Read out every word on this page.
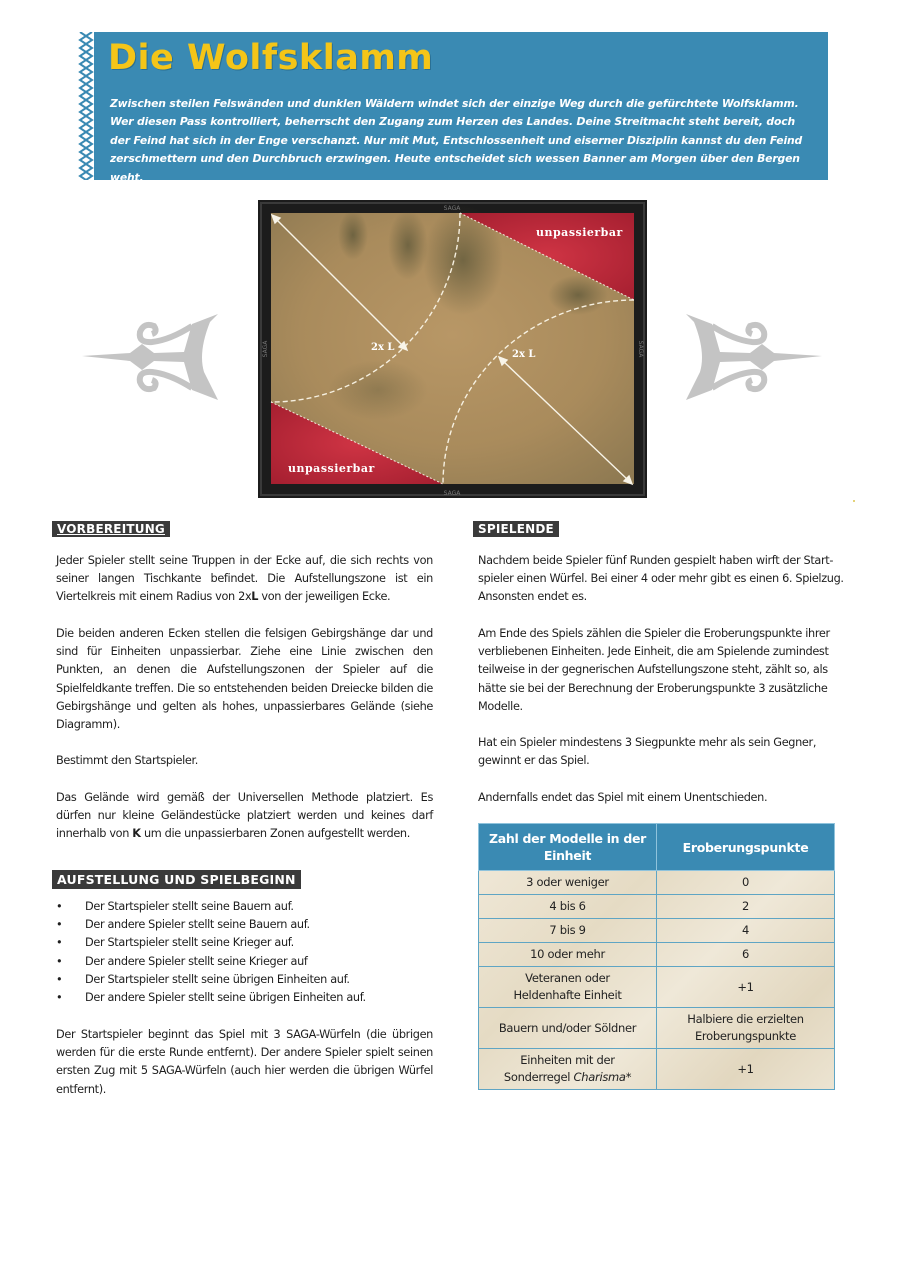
Die Wolfsklamm

Zwischen steilen Felswänden und dunklen Wäldern windet sich der einzige Weg durch die gefürchtete Wolfsklamm. Wer diesen Pass kontrolliert, beherrscht den Zugang zum Herzen des Landes. Deine Streitmacht steht bereit, doch der Feind hat sich in der Enge verschanzt. Nur mit Mut, Entschlossenheit und eiserner Disziplin kannst du den Feind zerschmettern und den Durchbruch erzwingen. Heute entscheidet sich wessen Banner am Morgen über den Bergen weht.

2x L
2x L
unpassierbar
unpassierbar
SAGA
SAGA
SAGA	SAGA
VORBEREITUNG
Jeder Spieler stellt seine Truppen in der Ecke auf, die sich rechts von seiner langen Tischkante befindet. Die Aufstellungszone ist ein Viertelkreis mit einem Radius von 2xL von der jeweiligen Ecke.
Die beiden anderen Ecken stellen die felsigen Gebirgshänge dar und sind für Einheiten unpassierbar. Ziehe eine Linie zwischen den Punkten, an denen die Aufstellungszonen der Spieler auf die Spielfeldkante treffen. Die so entstehenden beiden Dreiecke bilden die Gebirgshänge und gelten als hohes, unpassierbares Gelände (siehe Diagramm).
Bestimmt den Startspieler.
Das Gelände wird gemäß der Universellen Methode platziert. Es dürfen nur kleine Geländestücke platziert werden und keines darf innerhalb von K um die unpassierbaren Zonen aufgestellt werden.
AUFSTELLUNG UND SPIELBEGINN
• Der Startspieler stellt seine Bauern auf.
• Der andere Spieler stellt seine Bauern auf.
• Der Startspieler stellt seine Krieger auf.
• Der andere Spieler stellt seine Krieger auf
• Der Startspieler stellt seine übrigen Einheiten auf.
• Der andere Spieler stellt seine übrigen Einheiten auf.
Der Startspieler beginnt das Spiel mit 3 SAGA-Würfeln (die übrigen werden für die erste Runde entfernt). Der andere Spieler spielt seinen ersten Zug mit 5 SAGA-Würfeln (auch hier werden die übrigen Würfel entfernt).
SPIELENDE
Nachdem beide Spieler fünf Runden gespielt haben wirft der Start-spieler einen Würfel. Bei einer 4 oder mehr gibt es einen 6. Spielzug. Ansonsten endet es.
Am Ende des Spiels zählen die Spieler die Eroberungspunkte ihrer verbliebenen Einheiten. Jede Einheit, die am Spielende zumindest teilweise in der gegnerischen Aufstellungszone steht, zählt so, als hätte sie bei der Berechnung der Eroberungspunkte 3 zusätzliche Modelle.
Hat ein Spieler mindestens 3 Siegpunkte mehr als sein Gegner, gewinnt er das Spiel.
Andernfalls endet das Spiel mit einem Unentschieden.
Zahl der Modelle in der Einheit	Eroberungspunkte
3 oder weniger	0
4 bis 6	2
7 bis 9	4
10 oder mehr	6
Veteranen oder Heldenhafte Einheit	+1
Bauern und/oder Söldner	Halbiere die erzielten Eroberungspunkte
Einheiten mit der Sonderregel Charisma*	+1
